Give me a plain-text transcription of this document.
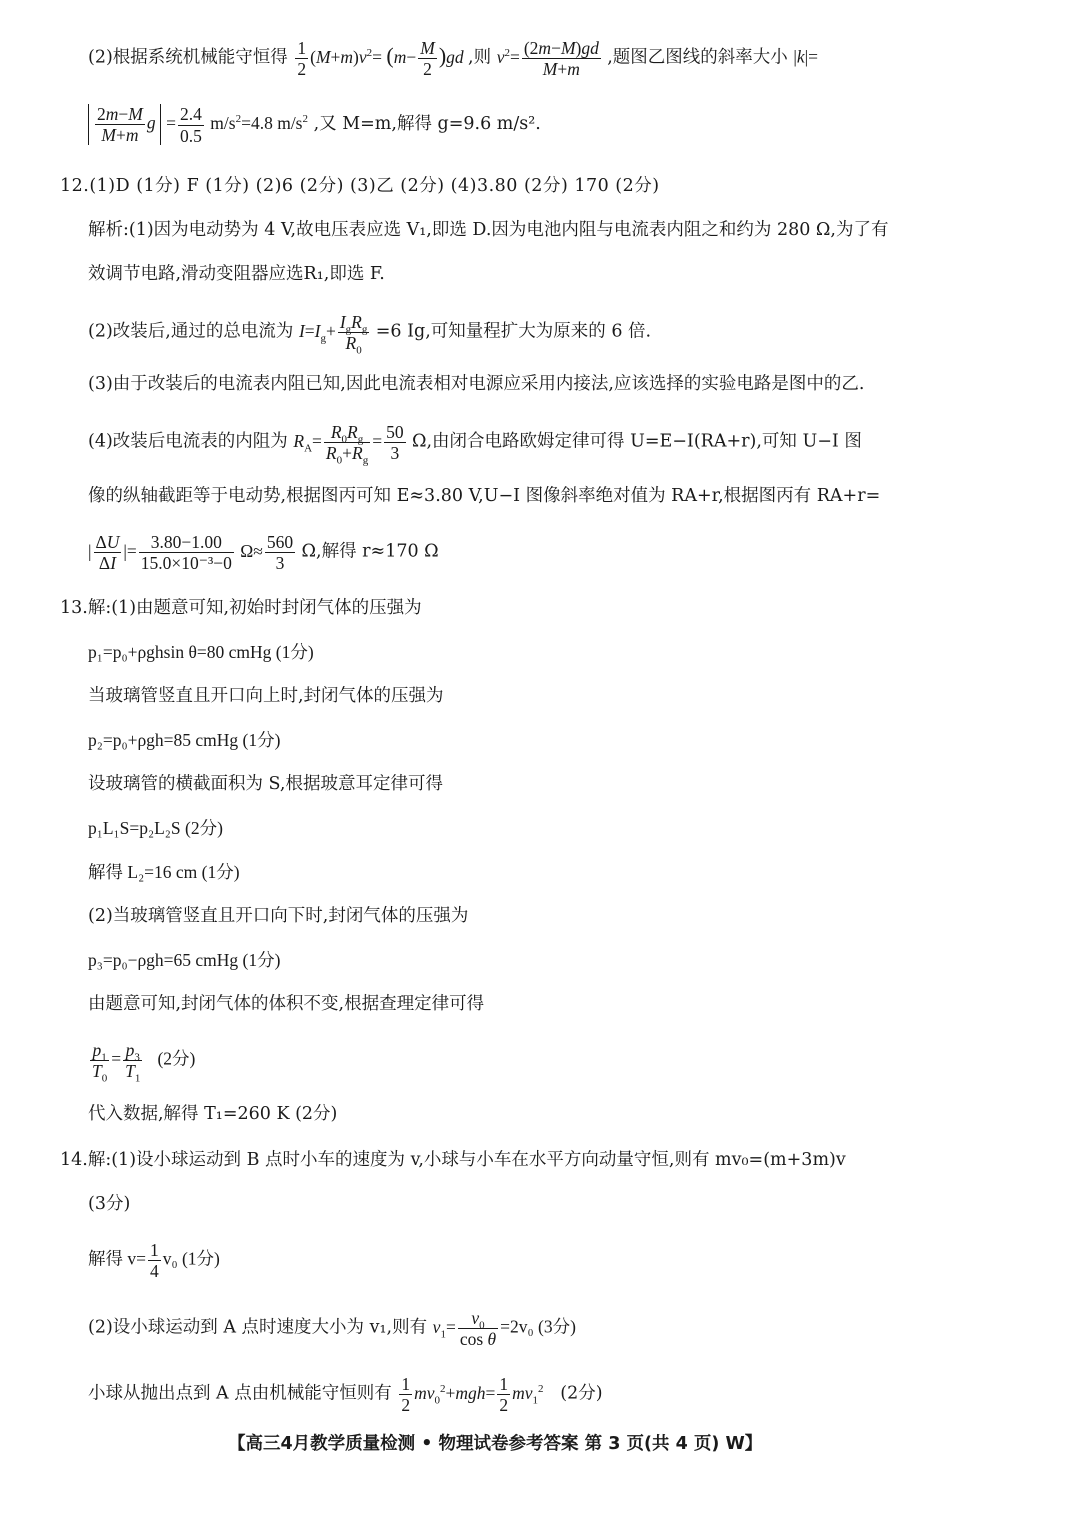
(2)根据系统机械能守恒得 $\frac{1}{2} (M+m)v^2= (m- \frac{M}{2} )gd$ ,则 $v^2= \frac{(2m-M)gd}{M+m}$ ,题图乙图线的斜率大小 |k|=
$\frac{2m-M}{M+m}$ $g = \frac{2.4}{0.5} m/s^2=4.8$ $m/s^2$ ,又 M=m,解得 g=9.6 m/s².
12.(1)D (1分) F (1分) (2)6 (2分) (3)乙 (2分) (4)3.80 (2分) 170 (2分)
解析:(1)因为电动势为 4 V,故电压表应选 V₁,即选 D.因为电池内阻与电流表内阻之和约为 280 Ω,为了有
效调节电路,滑动变阻器应选R₁,即选 F.
(2)改装后,通过的总电流为 $I=I_g+ \frac{I_gR_g}{R_0} =6$ Ig,可知量程扩大为原来的 6 倍.
(3)由于改装后的电流表内阻已知,因此电流表相对电源应采用内接法,应该选择的实验电路是图中的乙.
(4)改装后电流表的内阻为 $R_A= \frac{R_0R_g}{R_0+R_g} = \frac{50}{3} \Omega$,由闭合电路欧姆定律可得 U=E−I(RA+r),可知 U−I 图
像的纵轴截距等于电动势,根据图丙可知 E≈3.80 V,U−I 图像斜率绝对值为 RA+r,根据图丙有 RA+r=
| $\frac{\Delta U}{\Delta I}$ |= $\frac{3.80-1.00}{\text{15.0×10⁻³−0}} \Omega\approx \frac{560}{3} \Omega$,解得 r≈170 Ω
13.解:(1)由题意可知,初始时封闭气体的压强为
p₁=p₀+ρghsin θ=80 cmHg (1分)
当玻璃管竖直且开口向上时,封闭气体的压强为
p₂=p₀+ρgh=85 cmHg (1分)
设玻璃管的横截面积为 S,根据玻意耳定律可得
p₁L₁S=p₂L₂S (2分)
解得 L₂=16 cm (1分)
(2)当玻璃管竖直且开口向下时,封闭气体的压强为
p₃=p₀−ρgh=65 cmHg (1分)
由题意可知,封闭气体的体积不变,根据查理定律可得
$\frac{p_1}{T_0} = \frac{p_3}{T_1} (2$分)
代入数据,解得 T₁=260 K (2分)
14.解:(1)设小球运动到 B 点时小车的速度为 v,小球与小车在水平方向动量守恒,则有 mv₀=(m+3m)v
(3分)
解得 $v= \frac{1}{4} v_0$ (1分)
(2)设小球运动到 A 点时速度大小为 v₁,则有 $v_1= \frac{v_0}{\text{cos θ}} =2v_0$ (3分)
小球从抛出点到 A 点由机械能守恒则有 $\frac{1}{2} mv_0^2+mgh= \frac{1}{2} mv_1^2$ (2分)
【高三4月教学质量检测 • 物理试卷参考答案 第 3 页(共 4 页) W】
